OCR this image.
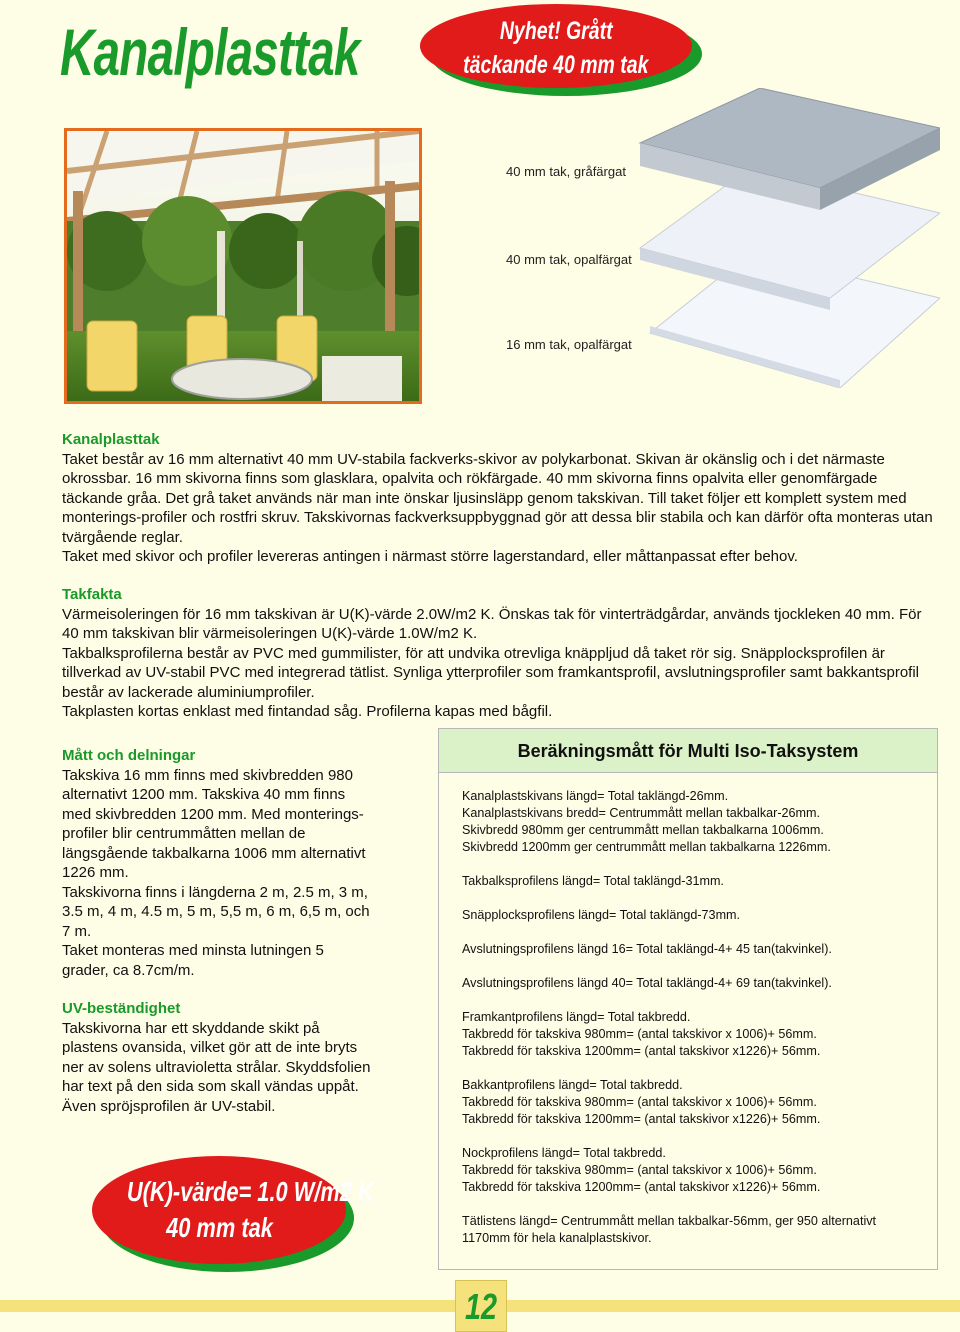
Kanalplasttak	Nyhet! Grått
täckande 40 mm tak
40 mm tak, gråfärgat
40 mm tak, opalfärgat
16 mm tak, opalfärgat
Kanalplasttak
Taket består av 16 mm alternativt 40 mm UV-stabila fackverks-skivor av polykarbonat. Skivan är okänslig och i det närmaste okrossbar. 16 mm skivorna finns som glasklara, opalvita och rökfärgade. 40 mm skivorna finns opalvita eller genomfärgade täckande gråa. Det grå taket används när man inte önskar ljusinsläpp genom takskivan. Till taket följer ett komplett system med monterings-profiler och rostfri skruv. Takskivornas fackverksuppbyggnad gör att dessa blir stabila och kan därför ofta monteras utan tvärgående reglar.
Taket med skivor och profiler levereras antingen i närmast större lagerstandard, eller måttanpassat efter behov.
Takfakta
Värmeisoleringen för 16 mm takskivan är U(K)-värde 2.0W/m2 K. Önskas tak för vinterträdgårdar, används tjockleken 40 mm. För 40 mm takskivan blir värmeisoleringen U(K)-värde 1.0W/m2 K.
Takbalksprofilerna består av PVC med gummilister, för att undvika otrevliga knäppljud då taket rör sig. Snäpplocksprofilen är tillverkad av UV-stabil PVC med integrerad tätlist. Synliga ytterprofiler som framkantsprofil, avslutningsprofiler samt bakkantsprofil består av lackerade aluminiumprofiler.
Takplasten kortas enklast med fintandad såg. Profilerna kapas med bågfil.
Mått och delningar
Takskiva 16 mm finns med skivbredden 980 alternativt 1200 mm. Takskiva 40 mm finns med skivbredden 1200 mm. Med monterings-profiler blir centrummåtten mellan de längsgående takbalkarna 1006 mm alternativt 1226 mm.
Takskivorna finns i längderna 2 m, 2.5 m, 3 m, 3.5 m, 4 m, 4.5 m, 5 m, 5,5 m, 6 m, 6,5 m, och 7 m.
Taket monteras med minsta lutningen 5 grader, ca 8.7cm/m.
UV-beständighet
Takskivorna har ett skyddande skikt på plastens ovansida, vilket gör att de inte bryts ner av solens ultravioletta strålar. Skyddsfolien har text på den sida som skall vändas uppåt. Även spröjsprofilen är UV-stabil.
Beräkningsmått för Multi Iso-Taksystem
Kanalplastskivans längd= Total taklängd-26mm.
Kanalplastskivans bredd= Centrummått mellan takbalkar-26mm.
Skivbredd 980mm ger centrummått mellan takbalkarna 1006mm.
Skivbredd 1200mm ger centrummått mellan takbalkarna 1226mm.
Takbalksprofilens längd= Total taklängd-31mm.
Snäpplocksprofilens längd= Total taklängd-73mm.
Avslutningsprofilens längd 16= Total taklängd-4+ 45 tan(takvinkel).
Avslutningsprofilens längd 40= Total taklängd-4+ 69 tan(takvinkel).
Framkantprofilens längd= Total takbredd.
Takbredd för takskiva 980mm= (antal takskivor x 1006)+ 56mm.
Takbredd för takskiva 1200mm= (antal takskivor x1226)+ 56mm.
Bakkantprofilens längd= Total takbredd.
Takbredd för takskiva 980mm= (antal takskivor x 1006)+ 56mm.
Takbredd för takskiva 1200mm= (antal takskivor x1226)+ 56mm.
Nockprofilens längd= Total takbredd.
Takbredd för takskiva 980mm= (antal takskivor x 1006)+ 56mm.
Takbredd för takskiva 1200mm= (antal takskivor x1226)+ 56mm.
Tätlistens längd= Centrummått mellan takbalkar-56mm, ger 950 alternativt 1170mm för hela kanalplastskivor.
U(K)-värde= 1.0 W/m2 K
40 mm tak
12
